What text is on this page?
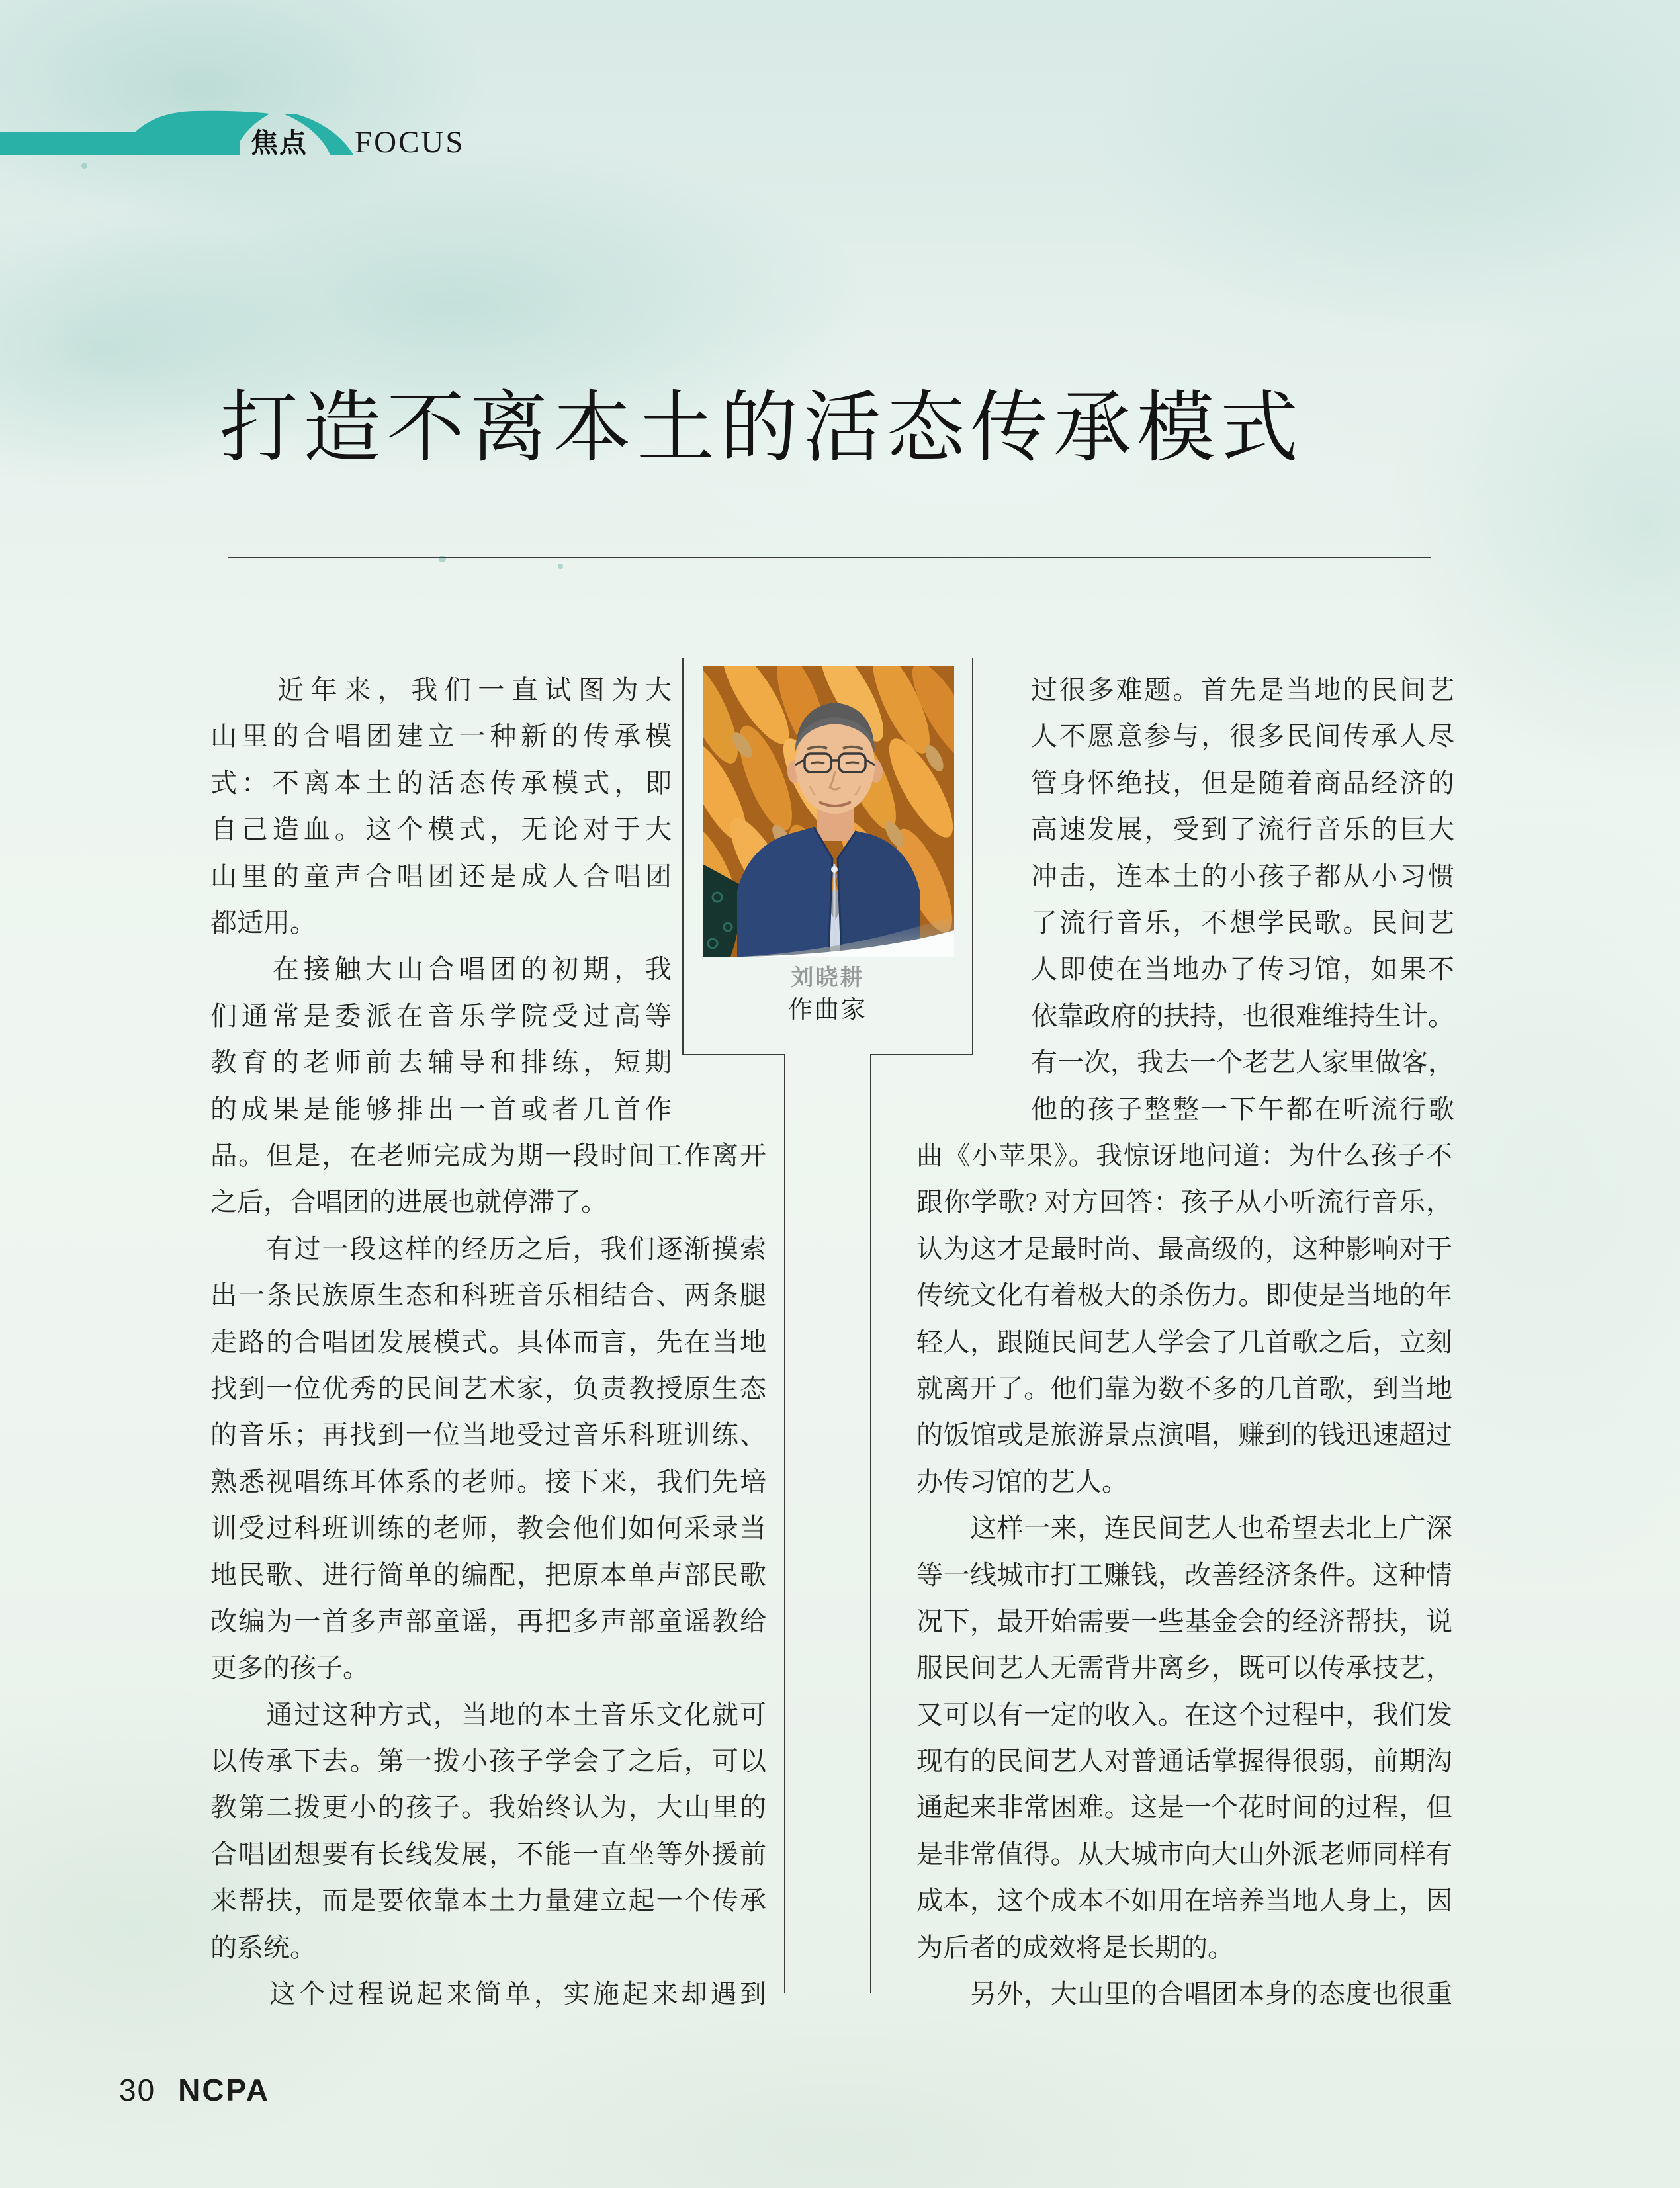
焦点	FOCUS
打造不离本土的活态传承模式
　　近年来，我们一直试图为大
山里的合唱团建立一种新的传承模
式：不离本土的活态传承模式，即
自己造血。这个模式，无论对于大
山里的童声合唱团还是成人合唱团
都适用。
　　在接触大山合唱团的初期，我
们通常是委派在音乐学院受过高等
教育的老师前去辅导和排练，短期
的成果是能够排出一首或者几首作
品。但是，在老师完成为期一段时间工作离开
之后，合唱团的进展也就停滞了。
　　有过一段这样的经历之后，我们逐渐摸索
出一条民族原生态和科班音乐相结合、两条腿
走路的合唱团发展模式。具体而言，先在当地
找到一位优秀的民间艺术家，负责教授原生态
的音乐；再找到一位当地受过音乐科班训练、
熟悉视唱练耳体系的老师。接下来，我们先培
训受过科班训练的老师，教会他们如何采录当
地民歌、进行简单的编配，把原本单声部民歌
改编为一首多声部童谣，再把多声部童谣教给
更多的孩子。
　　通过这种方式，当地的本土音乐文化就可
以传承下去。第一拨小孩子学会了之后，可以
教第二拨更小的孩子。我始终认为，大山里的
合唱团想要有长线发展，不能一直坐等外援前
来帮扶，而是要依靠本土力量建立起一个传承
的系统。
　　这个过程说起来简单，实施起来却遇到
过很多难题。首先是当地的民间艺
人不愿意参与，很多民间传承人尽
管身怀绝技，但是随着商品经济的
高速发展，受到了流行音乐的巨大
冲击，连本土的小孩子都从小习惯
了流行音乐，不想学民歌。民间艺
人即使在当地办了传习馆，如果不
依靠政府的扶持，也很难维持生计。
有一次，我去一个老艺人家里做客，
他的孩子整整一下午都在听流行歌
曲《小苹果》。我惊讶地问道：为什么孩子不
跟你学歌? 对方回答：孩子从小听流行音乐，
认为这才是最时尚、最高级的，这种影响对于
传统文化有着极大的杀伤力。即使是当地的年
轻人，跟随民间艺人学会了几首歌之后，立刻
就离开了。他们靠为数不多的几首歌，到当地
的饭馆或是旅游景点演唱，赚到的钱迅速超过
办传习馆的艺人。
　　这样一来，连民间艺人也希望去北上广深
等一线城市打工赚钱，改善经济条件。这种情
况下，最开始需要一些基金会的经济帮扶，说
服民间艺人无需背井离乡，既可以传承技艺，
又可以有一定的收入。在这个过程中，我们发
现有的民间艺人对普通话掌握得很弱，前期沟
通起来非常困难。这是一个花时间的过程，但
是非常值得。从大城市向大山外派老师同样有
成本，这个成本不如用在培养当地人身上，因
为后者的成效将是长期的。
　　另外，大山里的合唱团本身的态度也很重
刘晓耕
作曲家
30 NCPA
